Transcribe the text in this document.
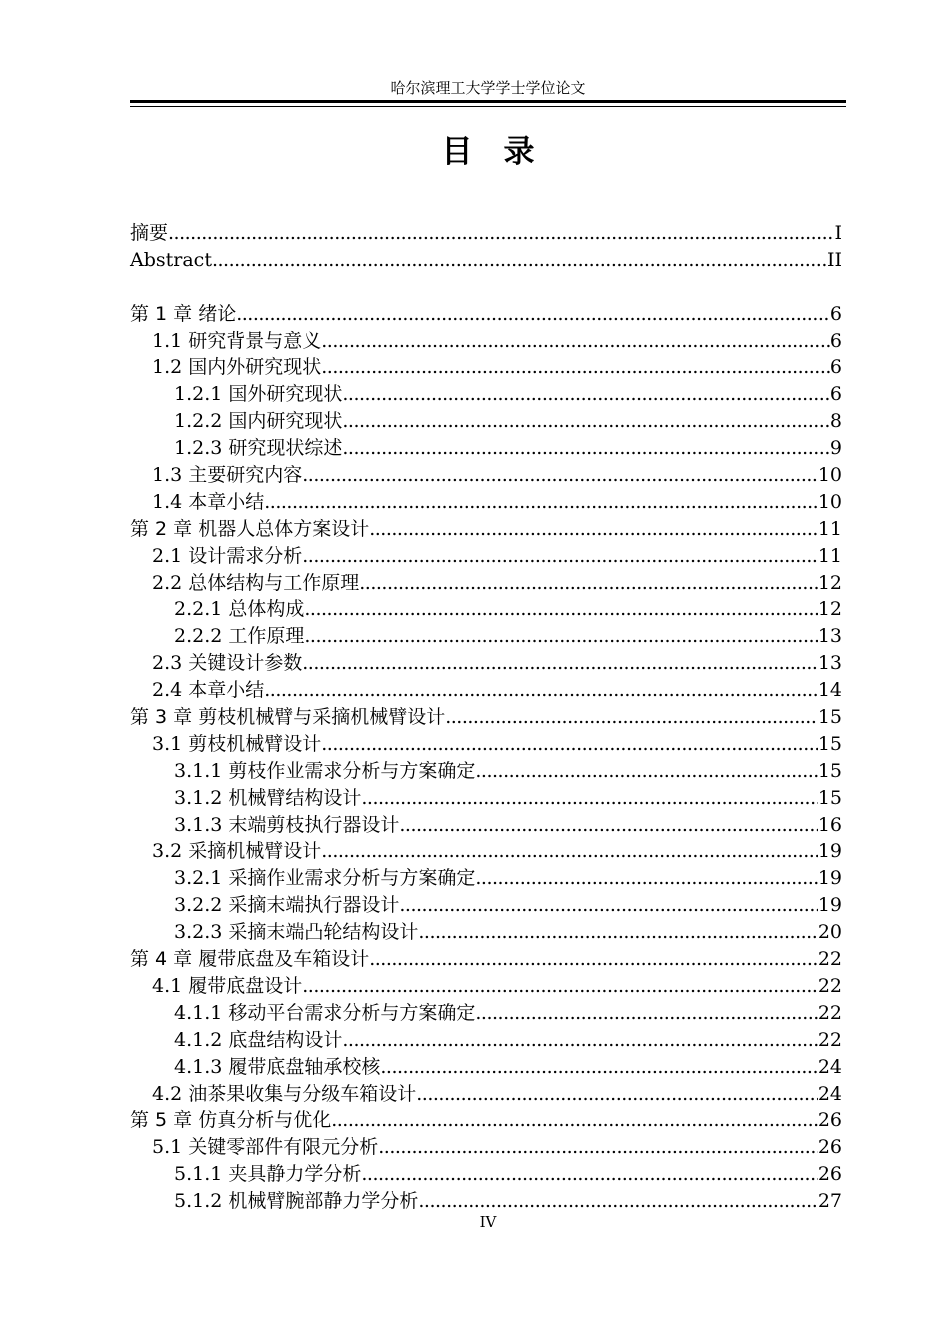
哈尔滨理工大学学士学位论文
目　录
摘要 .....	I
Abstract .....	II
第 1 章 绪论 .....	6
1.1 研究背景与意义 .....	6
1.2 国内外研究现状 .....	6
1.2.1 国外研究现状 .....	6
1.2.2 国内研究现状 .....	8
1.2.3 研究现状综述 .....	9
1.3 主要研究内容 .....	10
1.4 本章小结 .....	10
第 2 章 机器人总体方案设计 .....	11
2.1 设计需求分析 .....	11
2.2 总体结构与工作原理 .....	12
2.2.1 总体构成 .....	12
2.2.2 工作原理 .....	13
2.3 关键设计参数 .....	13
2.4 本章小结 .....	14
第 3 章 剪枝机械臂与采摘机械臂设计 .....	15
3.1 剪枝机械臂设计 .....	15
3.1.1 剪枝作业需求分析与方案确定 .....	15
3.1.2 机械臂结构设计 .....	15
3.1.3 末端剪枝执行器设计 .....	16
3.2 采摘机械臂设计 .....	19
3.2.1 采摘作业需求分析与方案确定 .....	19
3.2.2 采摘末端执行器设计 .....	19
3.2.3 采摘末端凸轮结构设计 .....	20
第 4 章 履带底盘及车箱设计 .....	22
4.1 履带底盘设计 .....	22
4.1.1 移动平台需求分析与方案确定 .....	22
4.1.2 底盘结构设计 .....	22
4.1.3 履带底盘轴承校核 .....	24
4.2 油茶果收集与分级车箱设计 .....	24
第 5 章 仿真分析与优化 .....	26
5.1 关键零部件有限元分析 .....	26
5.1.1 夹具静力学分析 .....	26
5.1.2 机械臂腕部静力学分析 .....	27
IV
